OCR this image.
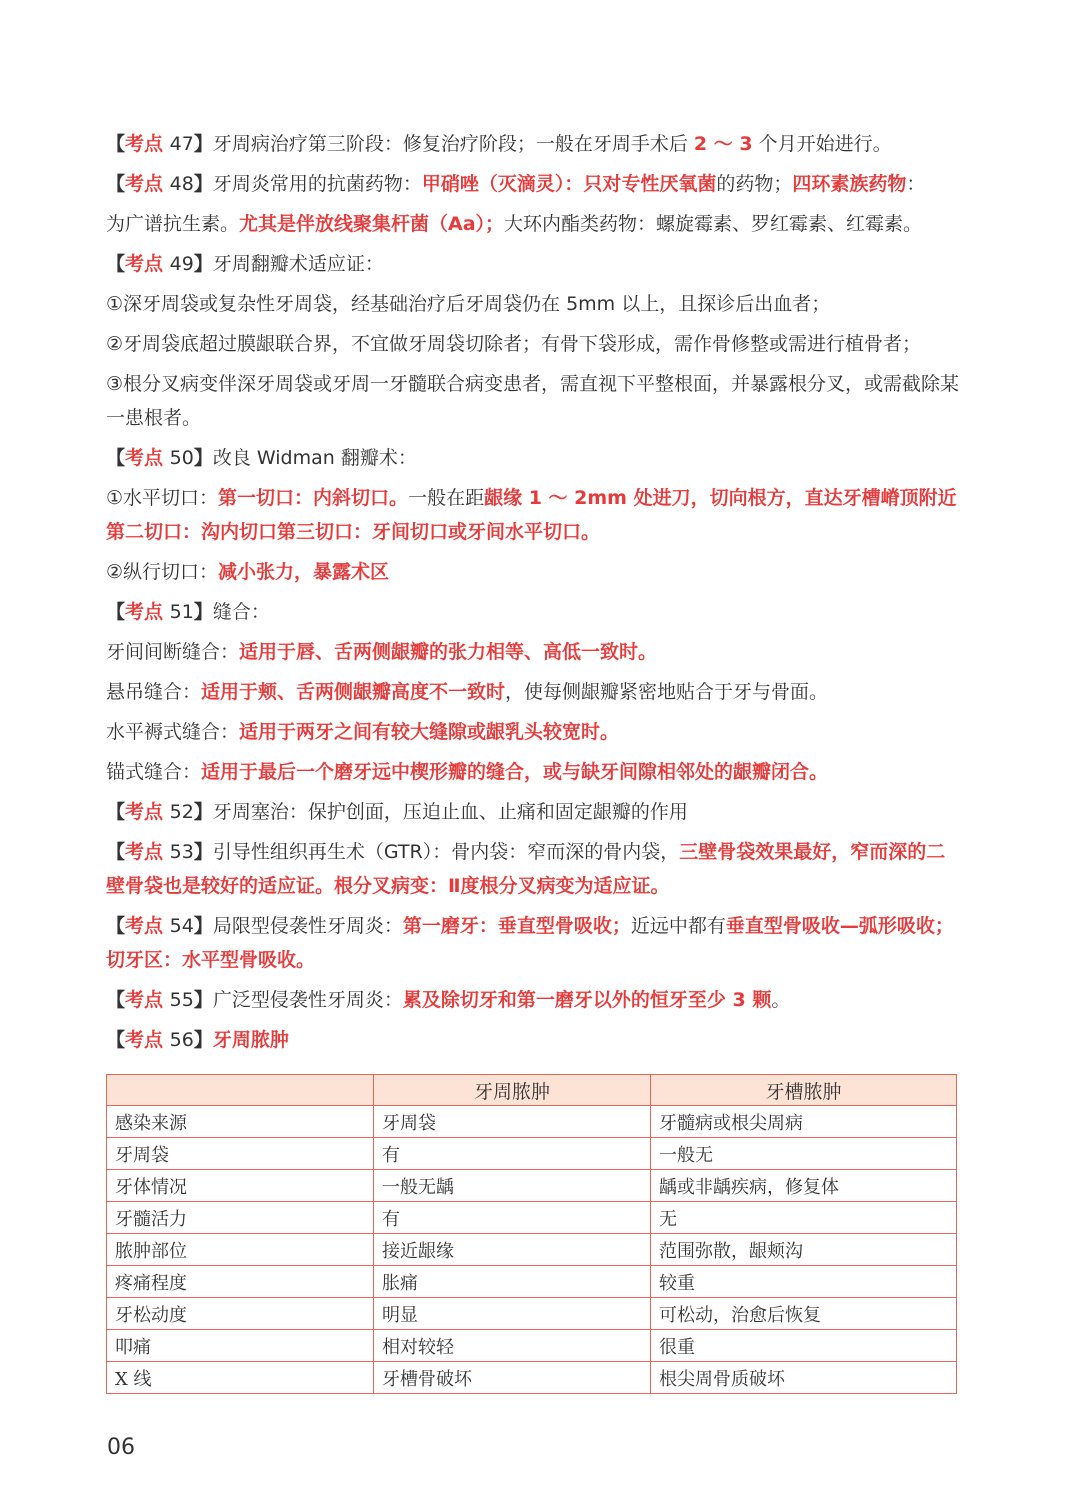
【考点 47】牙周病治疗第三阶段：修复治疗阶段；一般在牙周手术后 2 ～ 3 个月开始进行。
【考点 48】牙周炎常用的抗菌药物：甲硝唑（灭滴灵）：只对专性厌氧菌的药物；四环素族药物：
为广谱抗生素。尤其是伴放线聚集杆菌（Aa）；大环内酯类药物：螺旋霉素、罗红霉素、红霉素。
【考点 49】牙周翻瓣术适应证：
①深牙周袋或复杂性牙周袋，经基础治疗后牙周袋仍在 5mm 以上，且探诊后出血者；
②牙周袋底超过膜龈联合界，不宜做牙周袋切除者；有骨下袋形成，需作骨修整或需进行植骨者；
③根分叉病变伴深牙周袋或牙周一牙髓联合病变患者，需直视下平整根面，并暴露根分叉，或需截除某一患根者。
【考点 50】改良 Widman 翻瓣术：
①水平切口：第一切口：内斜切口。一般在距龈缘 1 ～ 2mm 处进刀，切向根方，直达牙槽嵴顶附近第二切口：沟内切口第三切口：牙间切口或牙间水平切口。
②纵行切口：减小张力，暴露术区
【考点 51】缝合：
牙间间断缝合：适用于唇、舌两侧龈瓣的张力相等、高低一致时。
悬吊缝合：适用于颊、舌两侧龈瓣高度不一致时，使每侧龈瓣紧密地贴合于牙与骨面。
水平褥式缝合：适用于两牙之间有较大缝隙或龈乳头较宽时。
锚式缝合：适用于最后一个磨牙远中楔形瓣的缝合，或与缺牙间隙相邻处的龈瓣闭合。
【考点 52】牙周塞治：保护创面，压迫止血、止痛和固定龈瓣的作用
【考点 53】引导性组织再生术（GTR）：骨内袋：窄而深的骨内袋，三壁骨袋效果最好，窄而深的二壁骨袋也是较好的适应证。根分叉病变：Ⅱ度根分叉病变为适应证。
【考点 54】局限型侵袭性牙周炎：第一磨牙：垂直型骨吸收；近远中都有垂直型骨吸收—弧形吸收；切牙区：水平型骨吸收。
【考点 55】广泛型侵袭性牙周炎：累及除切牙和第一磨牙以外的恒牙至少 3 颗。
【考点 56】牙周脓肿
	牙周脓肿	牙槽脓肿
感染来源	牙周袋	牙髓病或根尖周病
牙周袋	有	一般无
牙体情况	一般无龋	龋或非龋疾病，修复体
牙髓活力	有	无
脓肿部位	接近龈缘	范围弥散，龈颊沟
疼痛程度	胀痛	较重
牙松动度	明显	可松动，治愈后恢复
叩痛	相对较轻	很重
X 线	牙槽骨破坏	根尖周骨质破坏
06
